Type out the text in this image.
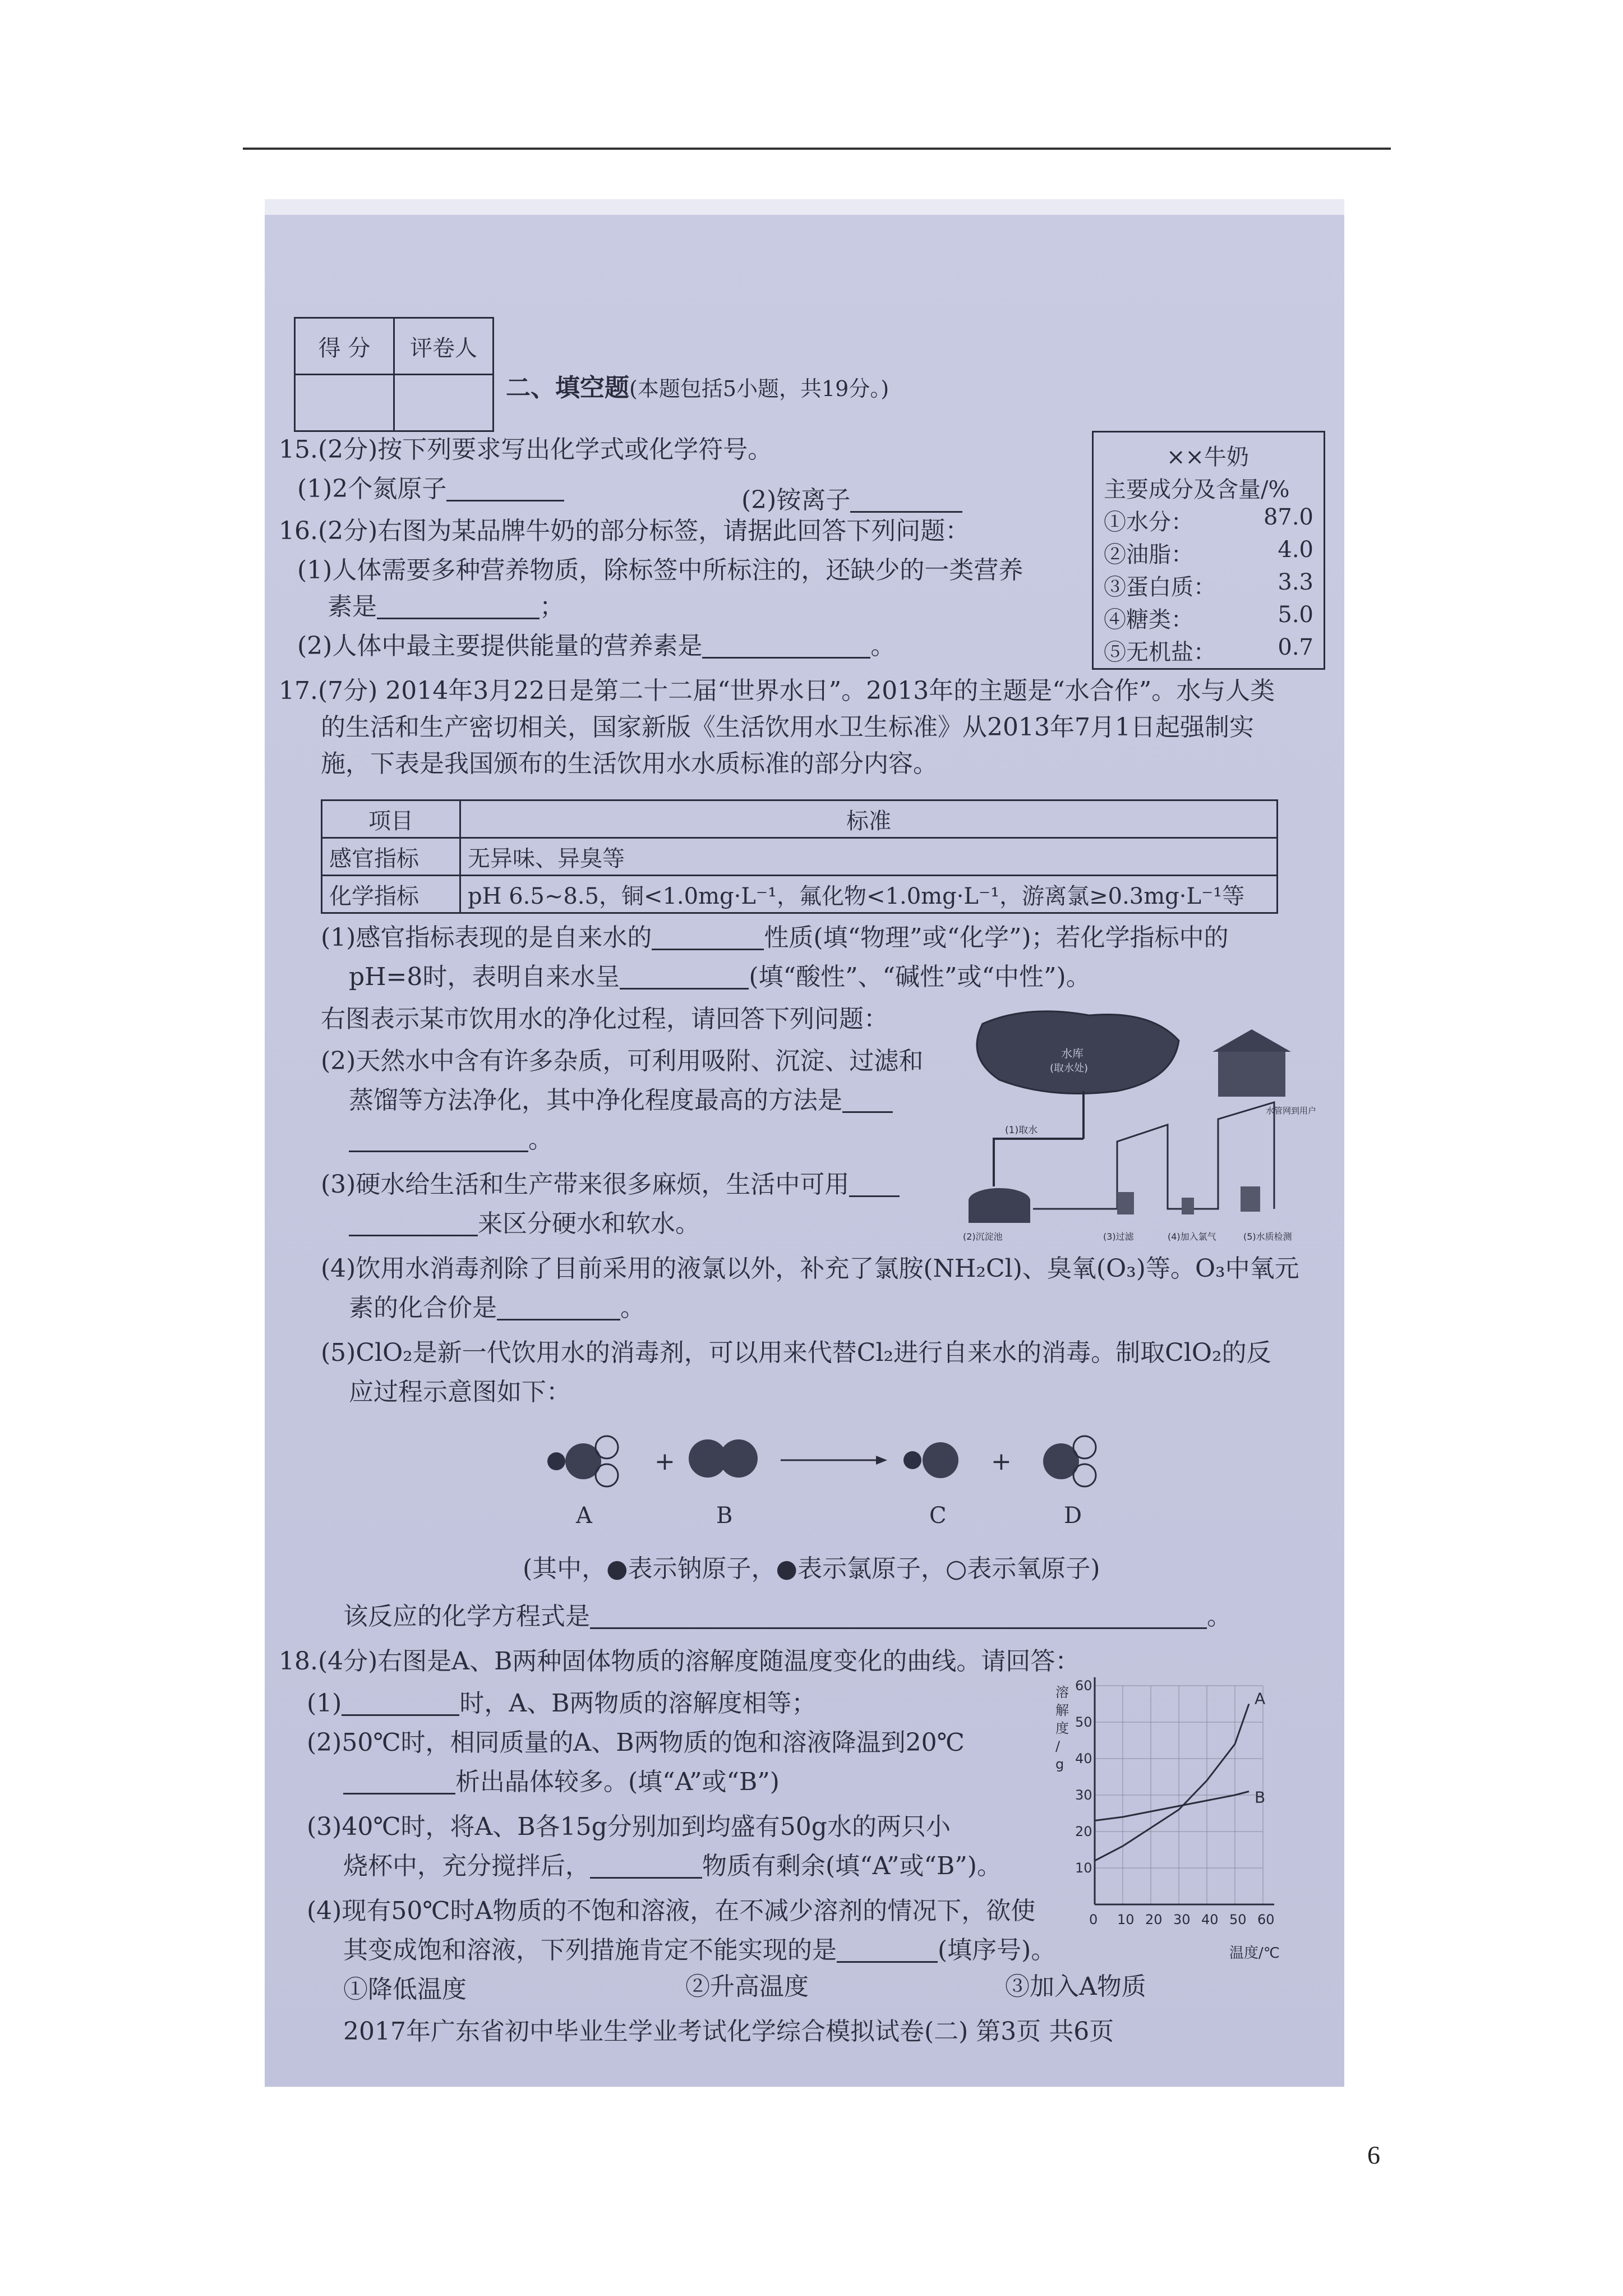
得 分	评卷人

二、填空题(本题包括5小题，共19分。)
15.(2分)按下列要求写出化学式或化学符号。
(1)2个氮原子	(2)铵离子
16.(2分)右图为某品牌牛奶的部分标签，请据此回答下列问题：
(1)人体需要多种营养物质，除标签中所标注的，还缺少的一类营养
素是	；
(2)人体中最主要提供能量的营养素是	。
××牛奶
主要成分及含量/%
①水分：	87.0
②油脂：	4.0
③蛋白质：	3.3
④糖类：	5.0
⑤无机盐：	0.7
17.(7分) 2014年3月22日是第二十二届“世界水日”。2013年的主题是“水合作”。水与人类
的生活和生产密切相关，国家新版《生活饮用水卫生标准》从2013年7月1日起强制实
施，下表是我国颁布的生活饮用水水质标准的部分内容。
项目	标准
感官指标	无异味、异臭等
化学指标	pH 6.5~8.5，铜<1.0mg·L⁻¹，氟化物<1.0mg·L⁻¹，游离氯≥0.3mg·L⁻¹等
(1)感官指标表现的是自来水的	性质(填“物理”或“化学”)；若化学指标中的
pH=8时，表明自来水呈	(填“酸性”、“碱性”或“中性”)。
右图表示某市饮用水的净化过程，请回答下列问题：
(2)天然水中含有许多杂质，可利用吸附、沉淀、过滤和
蒸馏等方法净化，其中净化程度最高的方法是
。
(3)硬水给生活和生产带来很多麻烦，生活中可用
来区分硬水和软水。
(4)饮用水消毒剂除了目前采用的液氯以外，补充了氯胺(NH₂Cl)、臭氧(O₃)等。O₃中氧元
素的化合价是	。
(5)ClO₂是新一代饮用水的消毒剂，可以用来代替Cl₂进行自来水的消毒。制取ClO₂的反
应过程示意图如下：
水库
(取水处)
(1)取水
水管网到用户
(2)沉淀池	(3)过滤	(4)加入氯气	(5)水质检测
+	+
A	B	C	D
(其中，●表示钠原子，●表示氯原子，○表示氧原子)
该反应的化学方程式是	。
18.(4分)右图是A、B两种固体物质的溶解度随温度变化的曲线。请回答：
(1)	时，A、B两物质的溶解度相等；
(2)50℃时，相同质量的A、B两物质的饱和溶液降温到20℃
析出晶体较多。(填“A”或“B”)
(3)40℃时，将A、B各15g分别加到均盛有50g水的两只小
烧杯中，充分搅拌后，	物质有剩余(填“A”或“B”)。
(4)现有50℃时A物质的不饱和溶液，在不减少溶剂的情况下，欲使
其变成饱和溶液，下列措施肯定不能实现的是	(填序号)。
①降低温度	②升高温度	③加入A物质
溶解度/ g
温度/℃
0 10 20 30 40 50 60
10
20
30
40
50
60
A
B
2017年广东省初中毕业生学业考试化学综合模拟试卷(二) 第3页 共6页
6
